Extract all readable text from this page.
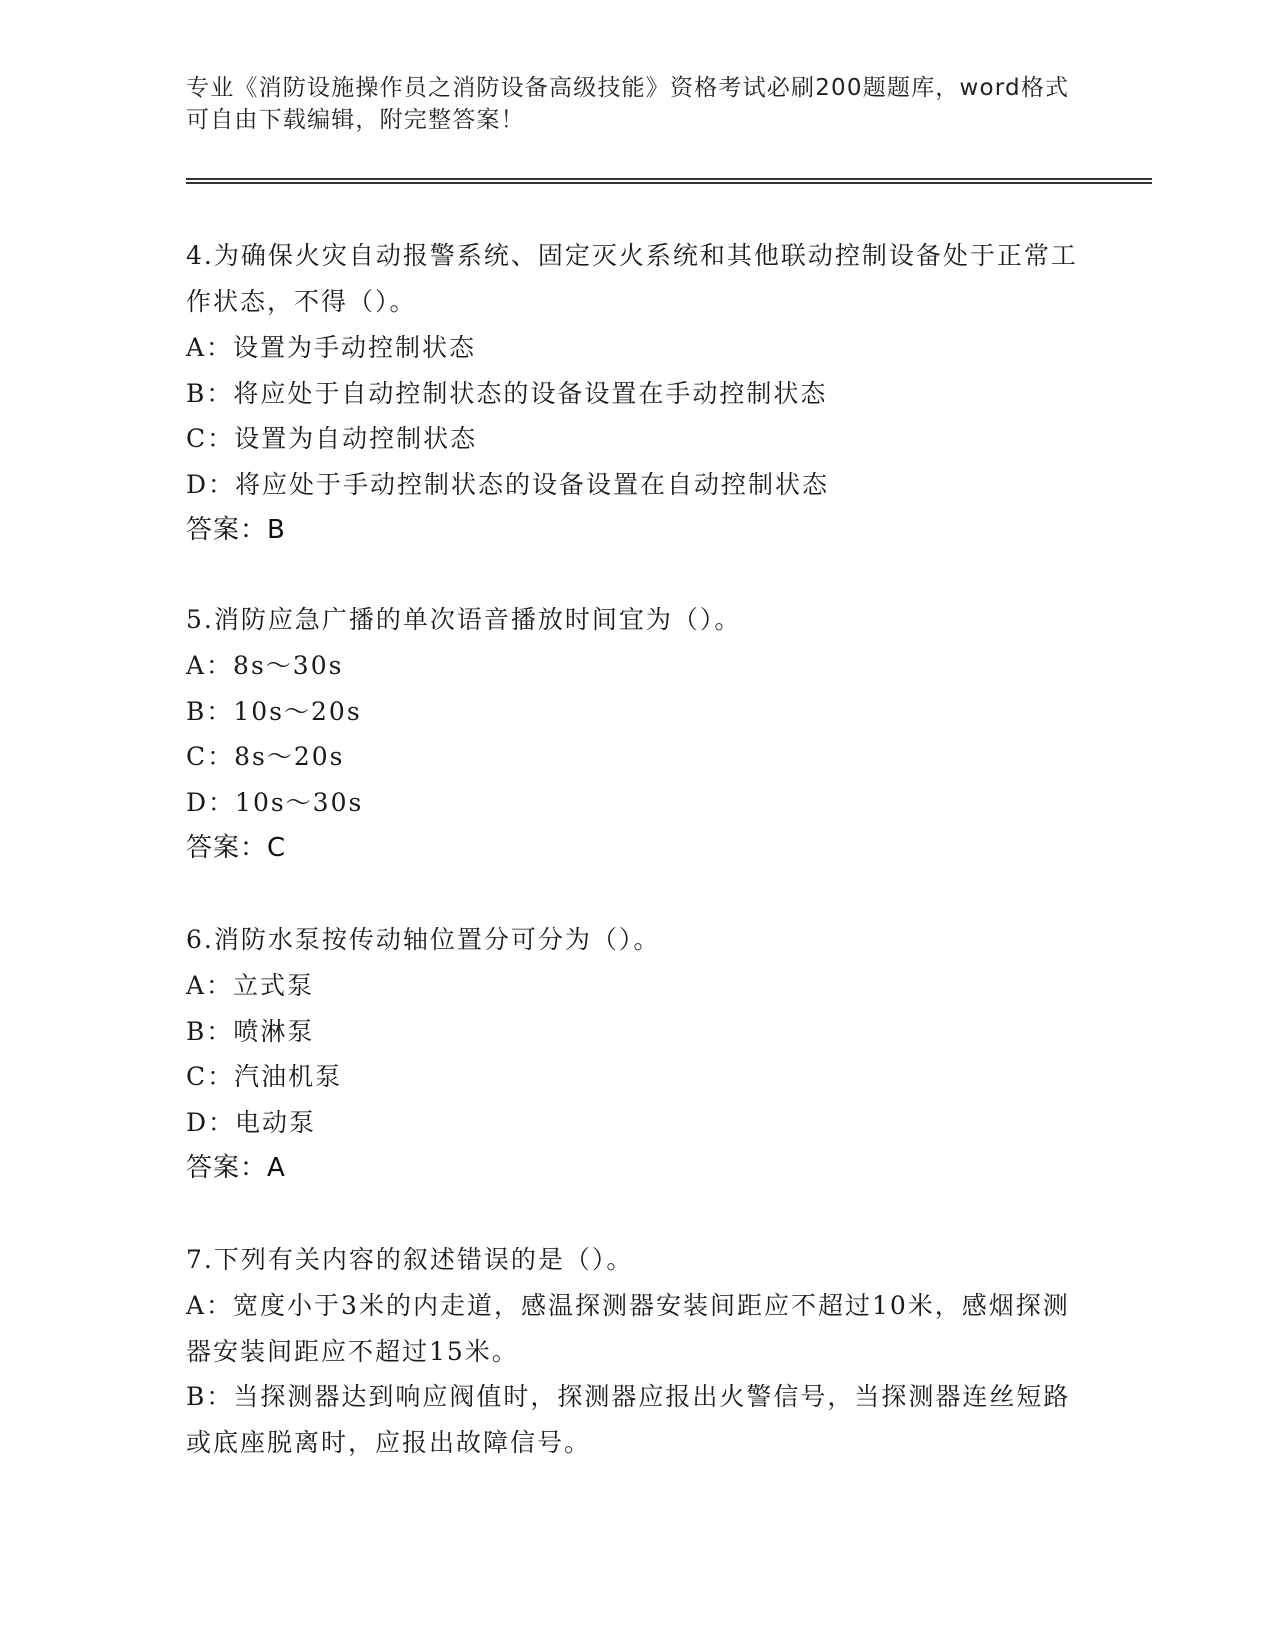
专业《消防设施操作员之消防设备高级技能》资格考试必刷200题题库，word格式可自由下载编辑，附完整答案！
4.为确保火灾自动报警系统、固定灭火系统和其他联动控制设备处于正常工作状态，不得（）。
A：设置为手动控制状态
B：将应处于自动控制状态的设备设置在手动控制状态
C：设置为自动控制状态
D：将应处于手动控制状态的设备设置在自动控制状态
答案：B
5.消防应急广播的单次语音播放时间宜为（）。
A：8s～30s
B：10s～20s
C：8s～20s
D：10s～30s
答案：C
6.消防水泵按传动轴位置分可分为（）。
A：立式泵
B：喷淋泵
C：汽油机泵
D：电动泵
答案：A
7.下列有关内容的叙述错误的是（）。
A：宽度小于3米的内走道，感温探测器安装间距应不超过10米，感烟探测器安装间距应不超过15米。
B：当探测器达到响应阀值时，探测器应报出火警信号，当探测器连丝短路或底座脱离时，应报出故障信号。
